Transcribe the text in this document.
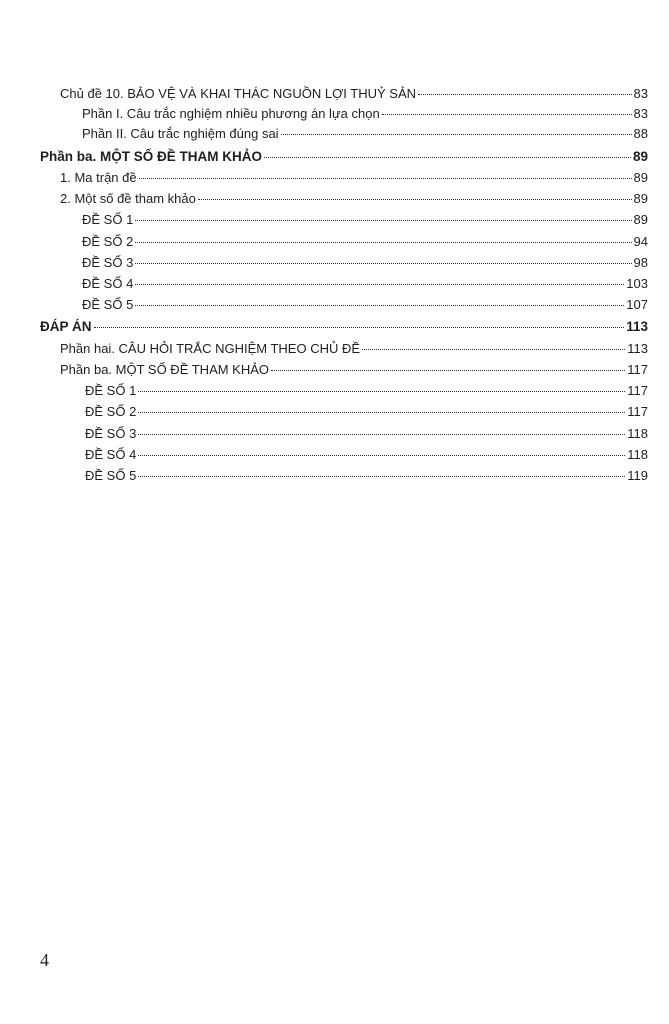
Chủ đề 10. BẢO VỆ VÀ KHAI THÁC NGUỒN LỢI THUỶ SẢN	83
Phần I. Câu trắc nghiệm nhiều phương án lựa chọn	83
Phần II. Câu trắc nghiệm đúng sai	88
Phần ba. MỘT SỐ ĐỀ THAM KHẢO	89
1. Ma trận đề	89
2. Một số đề tham khảo	89
ĐỀ SỐ 1	89
ĐỀ SỐ 2	94
ĐỀ SỐ 3	98
ĐỀ SỐ 4	103
ĐỀ SỐ 5	107
ĐÁP ÁN	113
Phần hai. CÂU HỎI TRẮC NGHIỆM THEO CHỦ ĐỀ	113
Phần ba. MỘT SỐ ĐỀ THAM KHẢO	117
ĐỀ SỐ 1	117
ĐỀ SỐ 2	117
ĐỀ SỐ 3	118
ĐỀ SỐ 4	118
ĐỀ SỐ 5	119
4
